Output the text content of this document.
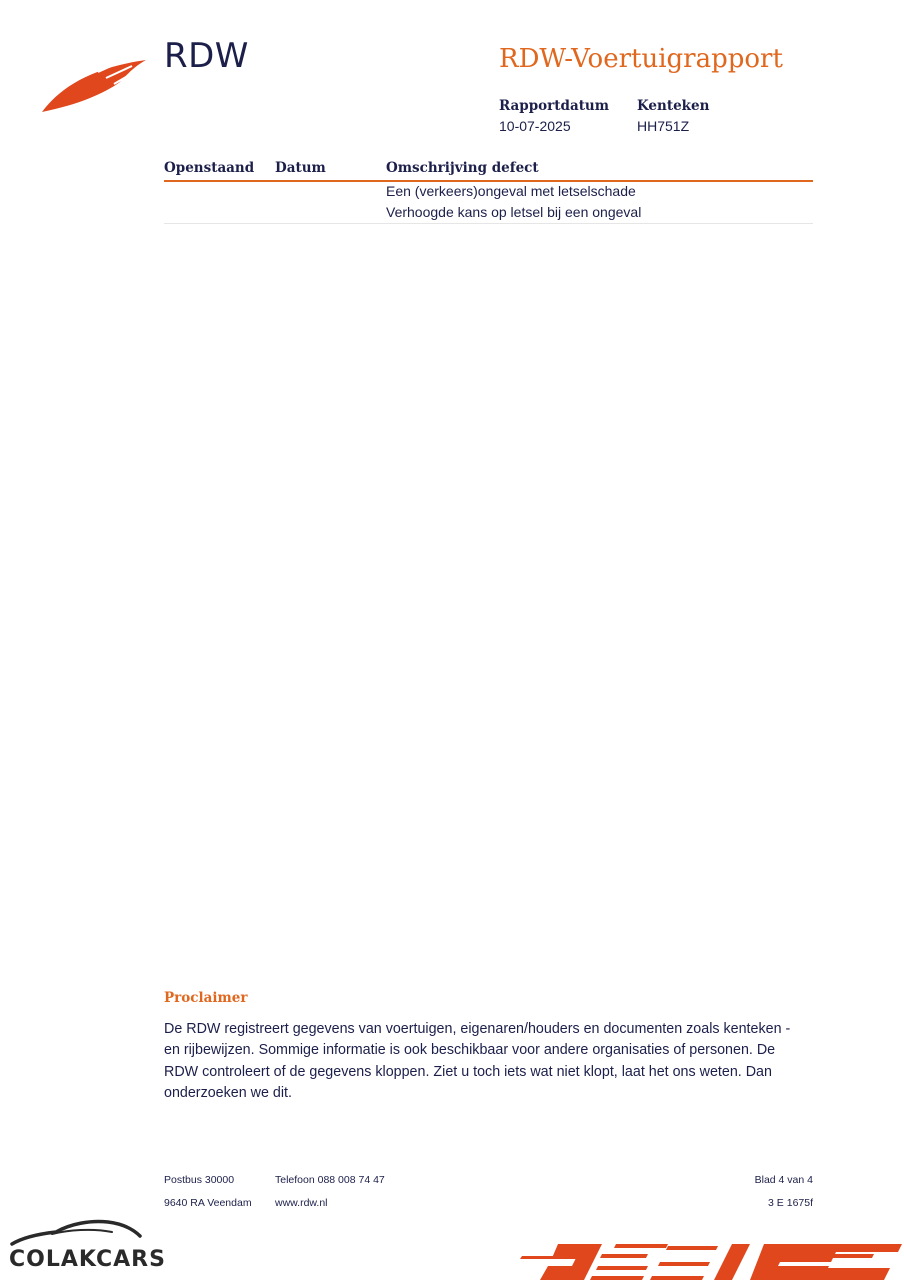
RDW	RDW-Voertuigrapport
Rapportdatum
10-07-2025
Kenteken
HH751Z
Openstaand Datum	Omschrijving defect
Een (verkeers)ongeval met letselschade
Verhoogde kans op letsel bij een ongeval
Proclaimer

De RDW registreert gegevens van voertuigen, eigenaren/houders en documenten zoals kenteken - en rijbewijzen. Sommige informatie is ook beschikbaar voor andere organisaties of personen. De RDW controleert of de gegevens kloppen. Ziet u toch iets wat niet klopt, laat het ons weten. Dan onderzoeken we dit.

Postbus 30000
9640 RA Veendam
Telefoon 088 008 74 47
www.rdw.nl
Blad 4 van 4
3 E 1675f
COLAKCARS
